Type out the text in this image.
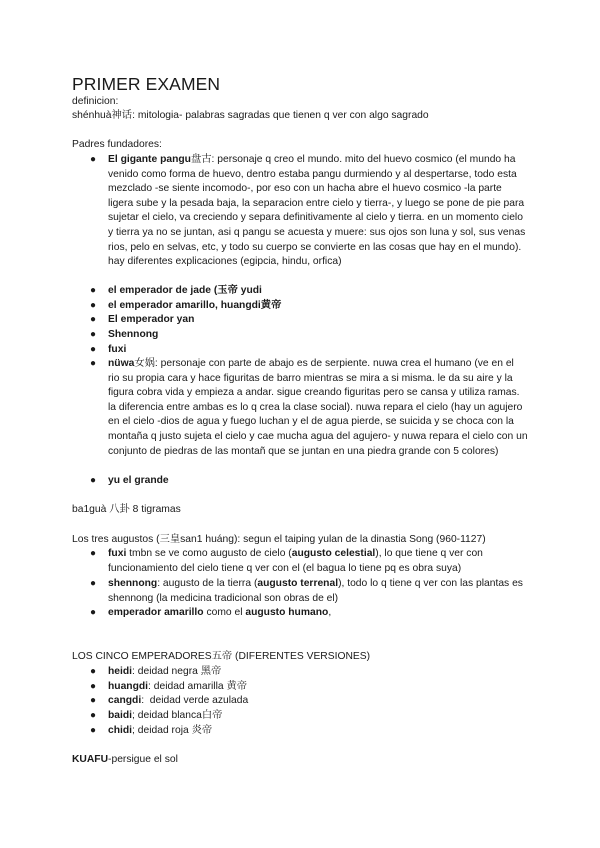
PRIMER EXAMEN
definicion:
shénhuà神话: mitologia- palabras sagradas que tienen q ver con algo sagrado
Padres fundadores:
● El gigante pangu盘古: personaje q creo el mundo. mito del huevo cosmico (el mundo ha venido como forma de huevo, dentro estaba pangu durmiendo y al despertarse, todo esta mezclado -se siente incomodo-, por eso con un hacha abre el huevo cosmico -la parte ligera sube y la pesada baja, la separacion entre cielo y tierra-, y luego se pone de pie para sujetar el cielo, va creciendo y separa definitivamente al cielo y tierra. en un momento cielo y tierra ya no se juntan, asi q pangu se acuesta y muere: sus ojos son luna y sol, sus venas rios, pelo en selvas, etc, y todo su cuerpo se convierte en las cosas que hay en el mundo). hay diferentes explicaciones (egipcia, hindu, orfica)
● el emperador de jade (玉帝 yudi
● el emperador amarillo, huangdi黄帝
● El emperador yan
● Shennong
● fuxi
● nüwa女娲: personaje con parte de abajo es de serpiente. nuwa crea el humano (ve en el rio su propia cara y hace figuritas de barro mientras se mira a si misma. le da su aire y la figura cobra vida y empieza a andar. sigue creando figuritas pero se cansa y utiliza ramas. la diferencia entre ambas es lo q crea la clase social). nuwa repara el cielo (hay un agujero en el cielo -dios de agua y fuego luchan y el de agua pierde, se suicida y se choca con la montaña q justo sujeta el cielo y cae mucha agua del agujero- y nuwa repara el cielo con un conjunto de piedras de las montañ que se juntan en una piedra grande con 5 colores)
● yu el grande
ba1guà 八卦 8 tigramas
Los tres augustos (三皇san1 huáng): segun el taiping yulan de la dinastia Song (960-1127)
● fuxi tmbn se ve como augusto de cielo (augusto celestial), lo que tiene q ver con funcionamiento del cielo tiene q ver con el (el bagua lo tiene pq es obra suya)
● shennong: augusto de la tierra (augusto terrenal), todo lo q tiene q ver con las plantas es shennong (la medicina tradicional son obras de el)
● emperador amarillo como el augusto humano,
LOS CINCO EMPERADORES五帝 (DIFERENTES VERSIONES)
● heidi: deidad negra 黑帝
● huangdi: deidad amarilla 黄帝
● cangdi:  deidad verde azulada
● baidi; deidad blanca白帝
● chidi; deidad roja 炎帝
KUAFU-persigue el sol
